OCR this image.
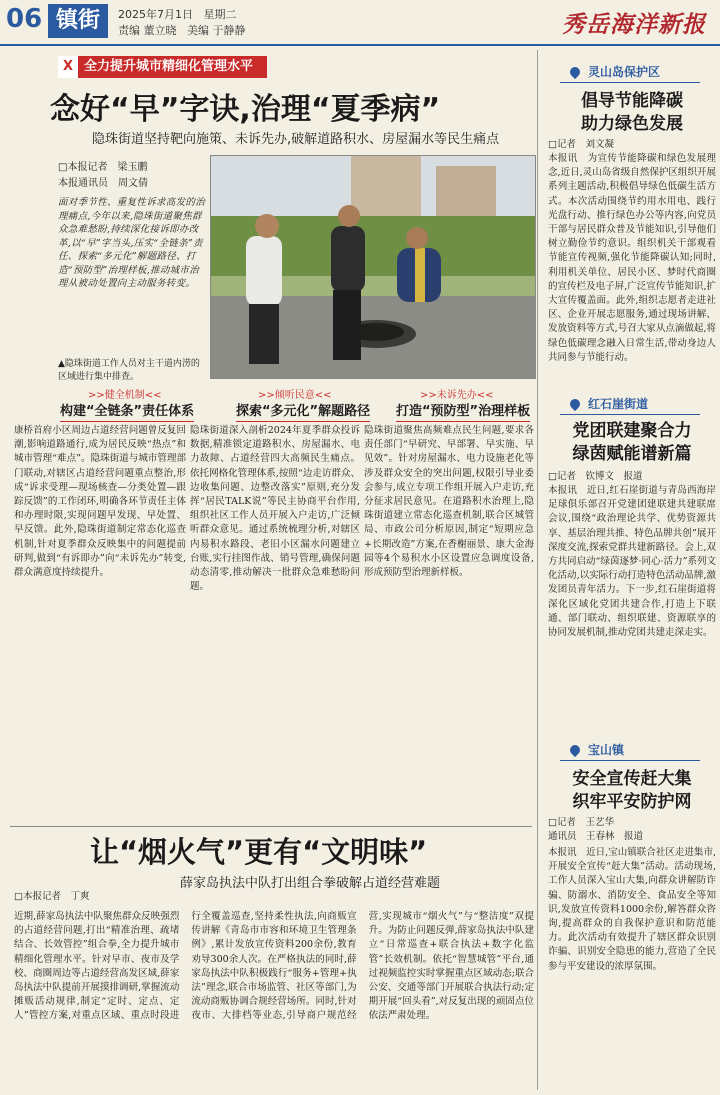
06 镇街	2025年7月1日 星期二
责编 董立晓 美编 于静静	秀岳海洋新报
X 全力提升城市精细化管理水平
念好“早”字诀,治理“夏季病”
隐珠街道坚持靶向施策、未诉先办,破解道路积水、房屋漏水等民生痛点
□本报记者　梁玉鹏
本报通讯员　周文倩
面对季节性、重复性诉求高发的治理痛点,今年以来,隐珠街道聚焦群众急难愁盼,持续深化接诉即办改革,以“早”字当头,压实“全链条”责任、探索“多元化”解题路径、打造“预防型”治理样板,推动城市治理从被动处置向主动服务转变。
▲隐珠街道工作人员对主干道内涝的区域进行集中排查。
>>健全机制<<
构建“全链条”责任体系
康桥首府小区周边占道经营问题曾反复回潮,影响道路通行,成为居民反映“热点”和城市管理“难点”。隐珠街道与城市管理部门联动,对辖区占道经营问题重点整治,形成“诉求受理—现场核查—分类处置—跟踪反馈”的工作闭环,明确各环节责任主体和办理时限,实现问题早发现、早处置、早反馈。此外,隐珠街道制定常态化巡查机制,针对夏季群众反映集中的问题提前研判,做到“有诉即办”向“未诉先办”转变,群众满意度持续提升。
>>倾听民意<<
探索“多元化”解题路径
隐珠街道深入剖析2024年夏季群众投诉数据,精准锁定道路积水、房屋漏水、电力故障、占道经营四大高频民生痛点。依托网格化管理体系,按照“边走访群众、边收集问题、边整改落实”原则,充分发挥“居民TALK说”等民主协商平台作用,组织社区工作人员开展入户走访,广泛倾听群众意见。通过系统梳理分析,对辖区内易积水路段、老旧小区漏水问题建立台账,实行挂图作战、销号管理,确保问题动态清零,推动解决一批群众急难愁盼问题。
>>未诉先办<<
打造“预防型”治理样板
隐珠街道聚焦高频难点民生问题,要求各责任部门“早研究、早部署、早实施、早见效”。针对房屋漏水、电力设施老化等涉及群众安全的突出问题,权限引导业委会参与,成立专项工作组开展入户走访,充分征求居民意见。在道路积水治理上,隐珠街道建立常态化巡查机制,联合区城管局、市政公司分析原因,制定“短期应急+长期改造”方案,在香榭丽景、康大金海园等4个易积水小区设置应急调度设备,形成预防型治理新样板。
让“烟火气”更有“文明味”
薛家岛执法中队打出组合拳破解占道经营难题
□本报记者　丁爽
近期,薛家岛执法中队聚焦群众反映强烈的占道经营问题,打出“精准治理、疏堵结合、长效管控”组合拳,全力提升城市精细化管理水平。针对早市、夜市及学校、商圈周边等占道经营高发区域,薛家岛执法中队提前开展摸排调研,掌握流动摊贩活动规律,制定“定时、定点、定人”管控方案,对重点区域、重点时段进行全覆盖巡查,坚持柔性执法,向商贩宣传讲解《青岛市市容和环境卫生管理条例》,累计发放宣传资料200余份,教育劝导300余人次。在严格执法的同时,薛家岛执法中队积极践行“服务+管理+执法”理念,联合市场监管、社区等部门,为流动商贩协调合规经营场所。同时,针对夜市、大排档等业态,引导商户规范经营,实现城市“烟火气”与“整洁度”双提升。为防止问题反弹,薛家岛执法中队建立“日常巡查+联合执法+数字化监管”长效机制。依托“智慧城管”平台,通过视频监控实时掌握重点区域动态;联合公安、交通等部门开展联合执法行动;定期开展“回头看”,对反复出现的顽固点位依法严肃处理。
灵山岛保护区
倡导节能降碳
助力绿色发展
□记者　刘文凝
本报讯　为宣传节能降碳和绿色发展理念,近日,灵山岛省级自然保护区组织开展系列主题活动,积极倡导绿色低碳生活方式。本次活动围绕节约用水用电、践行光盘行动、推行绿色办公等内容,向党员干部与居民群众普及节能知识,引导他们树立勤俭节约意识。组织机关干部观看节能宣传视频,强化节能降碳认知;同时,利用机关单位、居民小区、梦时代商圈的宣传栏及电子屏,广泛宣传节能知识,扩大宣传覆盖面。此外,组织志愿者走进社区、企业开展志愿服务,通过现场讲解、发放资料等方式,号召大家从点滴做起,将绿色低碳理念融入日常生活,带动身边人共同参与节能行动。
红石崖街道
党团联建聚合力
绿茵赋能谱新篇
□记者　钦博文　报道
本报讯　近日,红石崖街道与青岛西海岸足球俱乐部召开党建团建联建共建联席会议,围绕“政治理论共学、优势资源共享、基层治理共推、特色品牌共创”展开深度交流,探索党群共建新路径。会上,双方共同启动“绿茵逐梦·同心·活力”系列文化活动,以实际行动打造特色活动品牌,激发团员青年活力。下一步,红石崖街道将深化区域化党团共建合作,打造上下联通、部门联动、组织联建、资源联享的协同发展机制,推动党团共建走深走实。
宝山镇
安全宣传赶大集
织牢平安防护网
□记者　王艺华
通讯员　王春林　报道
本报讯　近日,宝山镇联合社区走进集市,开展安全宣传“赶大集”活动。活动现场,工作人员深入宝山大集,向群众讲解防诈骗、防溺水、消防安全、食品安全等知识,发放宣传资料1000余份,解答群众咨询,提高群众的自我保护意识和防范能力。此次活动有效提升了辖区群众识别诈骗、识别安全隐患的能力,营造了全民参与平安建设的浓厚氛围。
